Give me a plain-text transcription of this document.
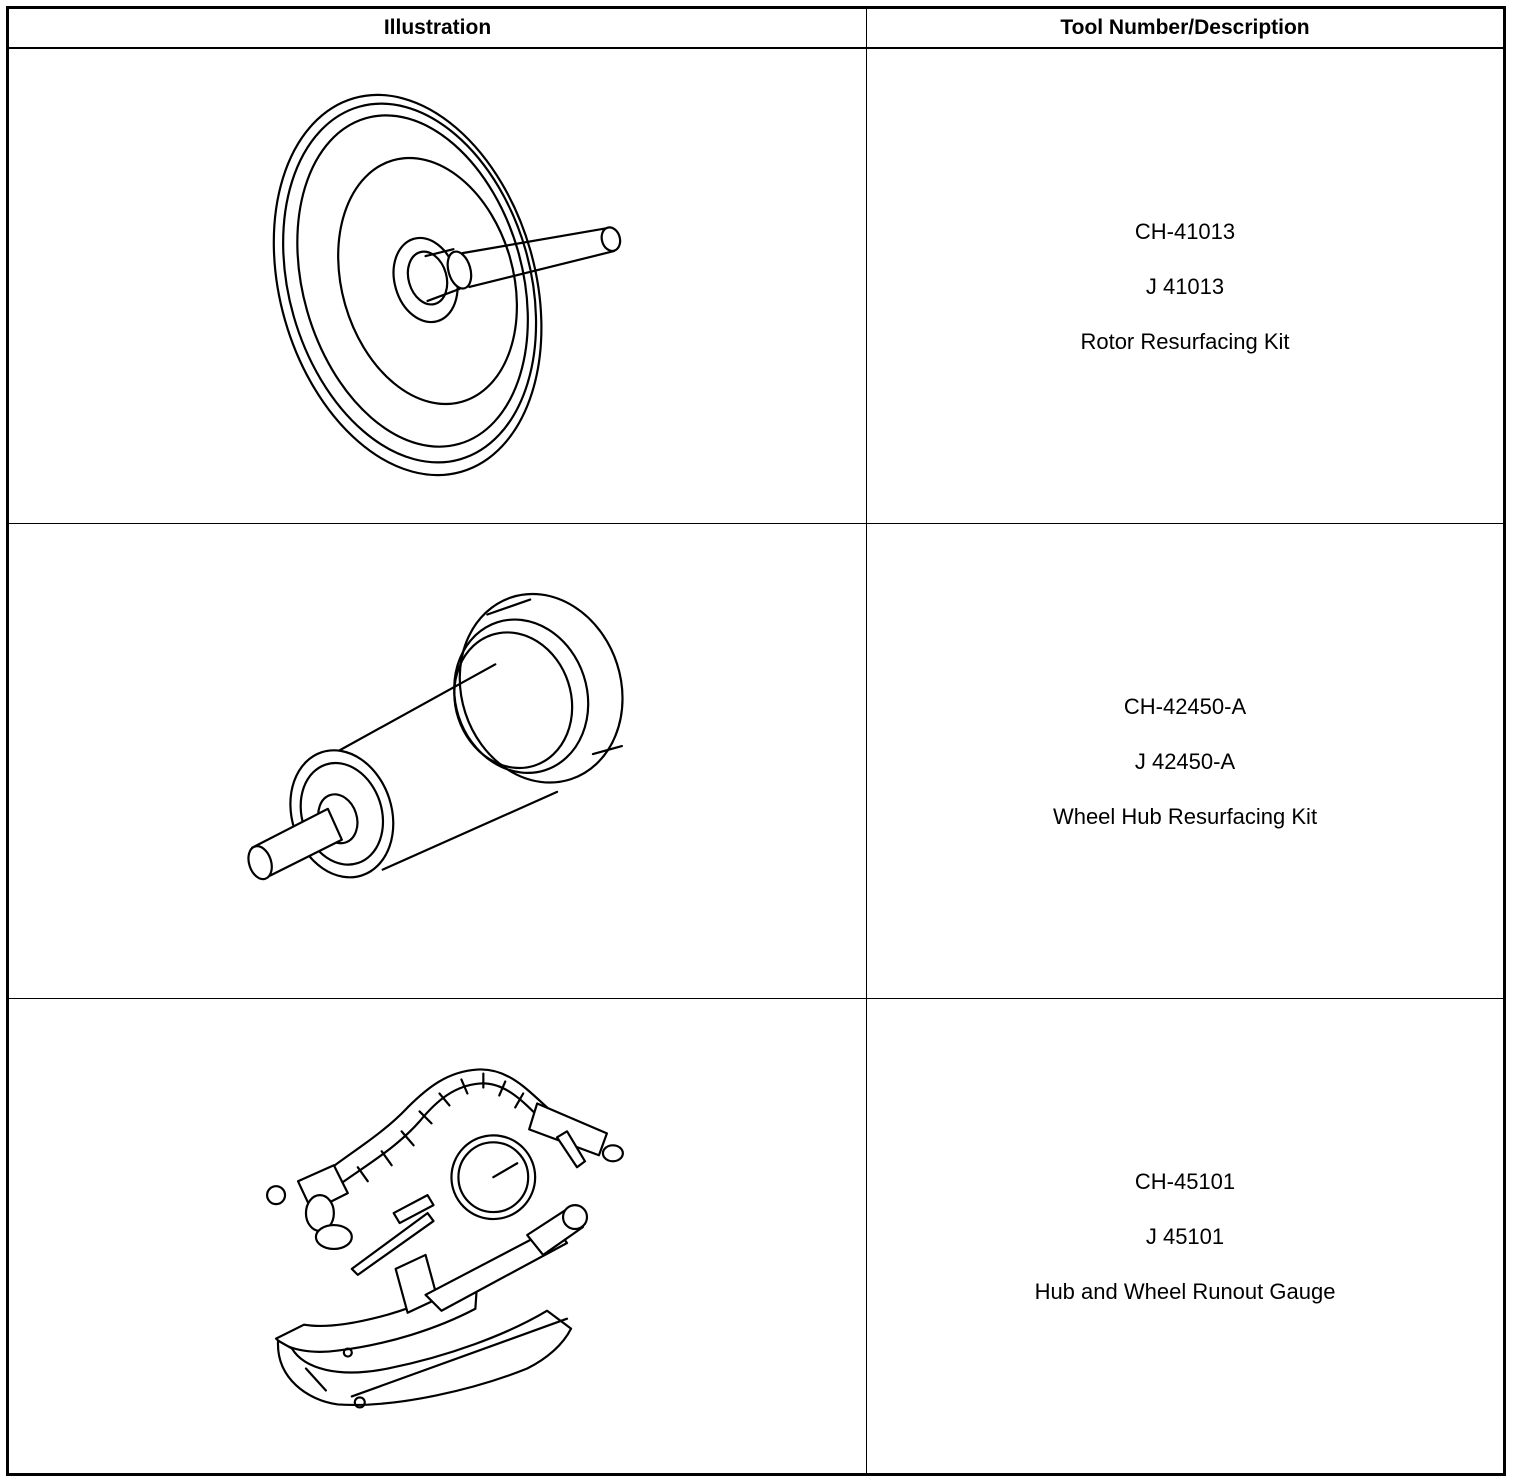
Illustration	Tool Number/Description
CH-41013
J 41013
Rotor Resurfacing Kit
CH-42450-A
J 42450-A
Wheel Hub Resurfacing Kit
CH-45101
J 45101
Hub and Wheel Runout Gauge
